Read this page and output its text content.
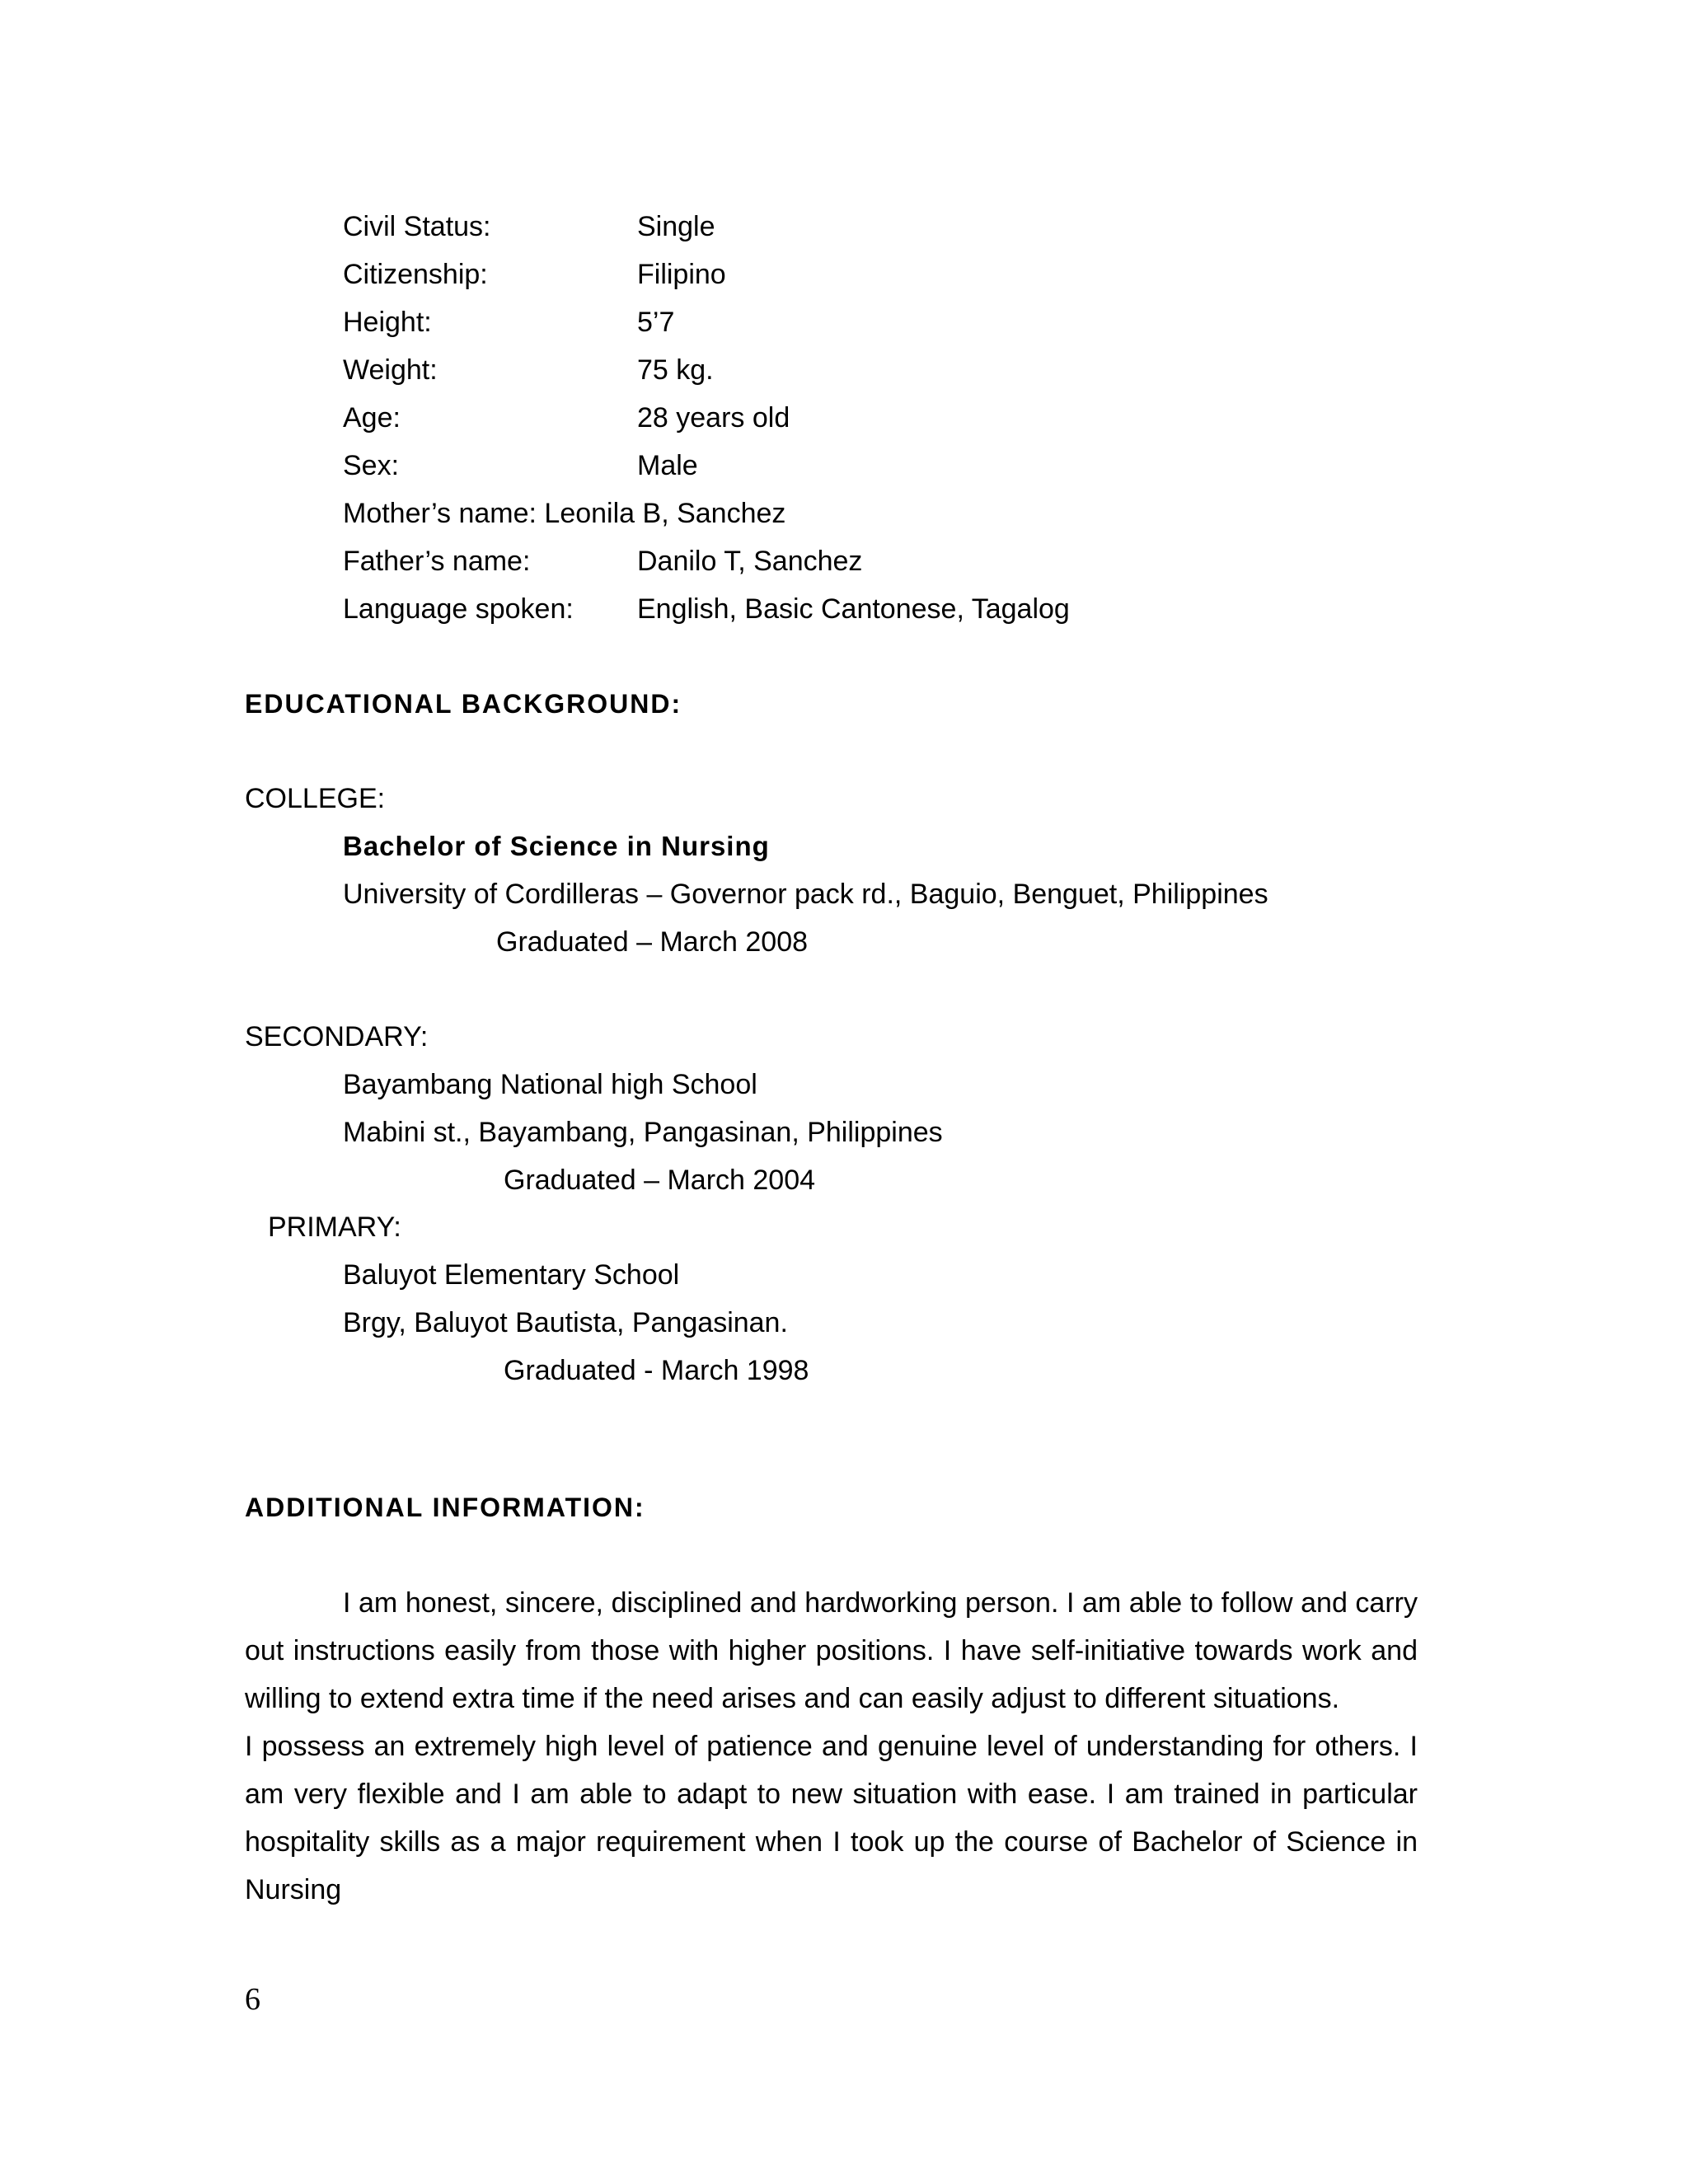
Civil Status:	Single
Citizenship:	Filipino
Height:	5’7
Weight:	75 kg.
Age:	28 years old
Sex:	Male
Mother’s name: Leonila B, Sanchez
Father’s name:	Danilo T, Sanchez
Language spoken: English, Basic Cantonese, Tagalog
EDUCATIONAL BACKGROUND:
COLLEGE:
Bachelor of Science in Nursing
University of Cordilleras – Governor pack rd., Baguio, Benguet, Philippines
Graduated – March 2008
SECONDARY:
Bayambang National high School
Mabini st., Bayambang, Pangasinan, Philippines
Graduated – March 2004
PRIMARY:
Baluyot Elementary School
Brgy, Baluyot Bautista, Pangasinan.
Graduated - March 1998
ADDITIONAL INFORMATION:

I am honest, sincere, disciplined and hardworking person. I am able to follow and carry out instructions easily from those with higher positions. I have self-initiative towards work and willing to extend extra time if the need arises and can easily adjust to different situations.

I possess an extremely high level of patience and genuine level of understanding for others. I am very flexible and I am able to adapt to new situation with ease. I am trained in particular hospitality skills as a major requirement when I took up the course of Bachelor of Science in Nursing

6
